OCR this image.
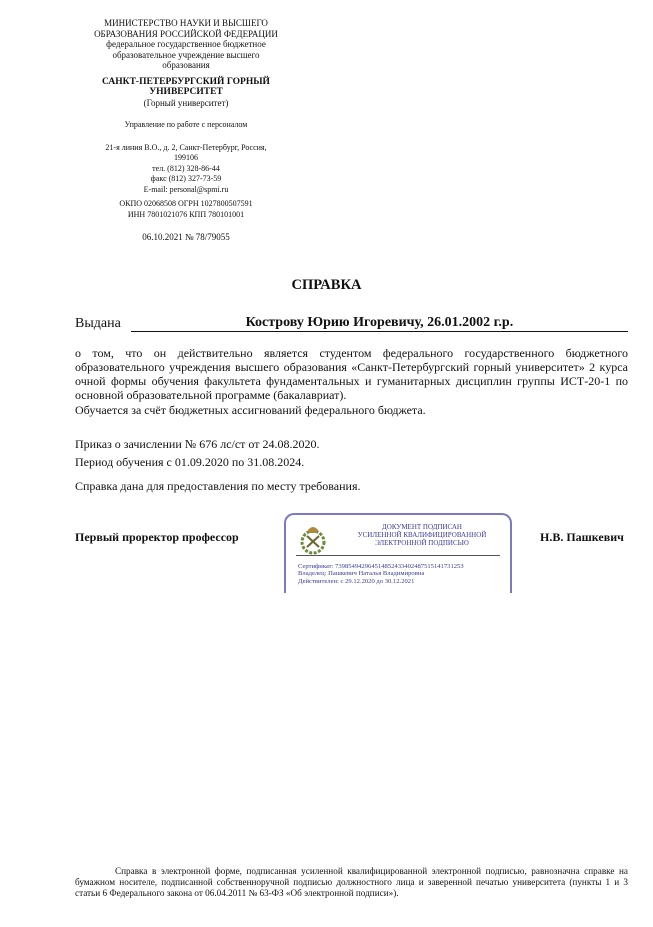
МИНИСТЕРСТВО НАУКИ И ВЫСШЕГО
ОБРАЗОВАНИЯ РОССИЙСКОЙ ФЕДЕРАЦИИ
федеральное государственное бюджетное
образовательное учреждение высшего
образования
САНКТ-ПЕТЕРБУРГСКИЙ ГОРНЫЙ
УНИВЕРСИТЕТ
(Горный университет)
Управление по работе с персоналом
21-я линия В.О., д. 2, Санкт-Петербург, Россия,
199106
тел. (812) 328-86-44
факс (812) 327-73-59
E-mail: personal@spmi.ru
ОКПО 02068508 ОГРН 1027800507591
ИНН 7801021076 КПП 780101001
06.10.2021 № 78/79055
СПРАВКА
Выдана	Кострову Юрию Игоревичу, 26.01.2002 г.р.
о том, что он действительно является студентом федерального государственного бюджетного образовательного учреждения высшего образования «Санкт-Петербургский горный университет» 2 курса очной формы обучения факультета фундаментальных и гуманитарных дисциплин группы ИСТ-20-1 по основной образовательной программе (бакалавриат).
Обучается за счёт бюджетных ассигнований федерального бюджета.
Приказ о зачислении № 676 лс/ст от 24.08.2020.
Период обучения с 01.09.2020 по 31.08.2024.
Справка дана для предоставления по месту требования.
Первый проректор профессор	Н.В. Пашкевич
ДОКУМЕНТ ПОДПИСАН
УСИЛЕННОЙ КВАЛИФИЦИРОВАННОЙ
ЭЛЕКТРОННОЙ ПОДПИСЬЮ
Сертификат: 73985494296451485243340248751514173125З
Владелец: Пашкевич Наталья Владимировна
Действителен: с 29.12.2020 до 30.12.2021
Справка в электронной форме, подписанная усиленной квалифицированной электронной подписью, равнозначна справке на бумажном носителе, подписанной собственноручной подписью должностного лица и заверенной печатью университета (пункты 1 и 3 статьи 6 Федерального закона от 06.04.2011 № 63-ФЗ «Об электронной подписи»).
